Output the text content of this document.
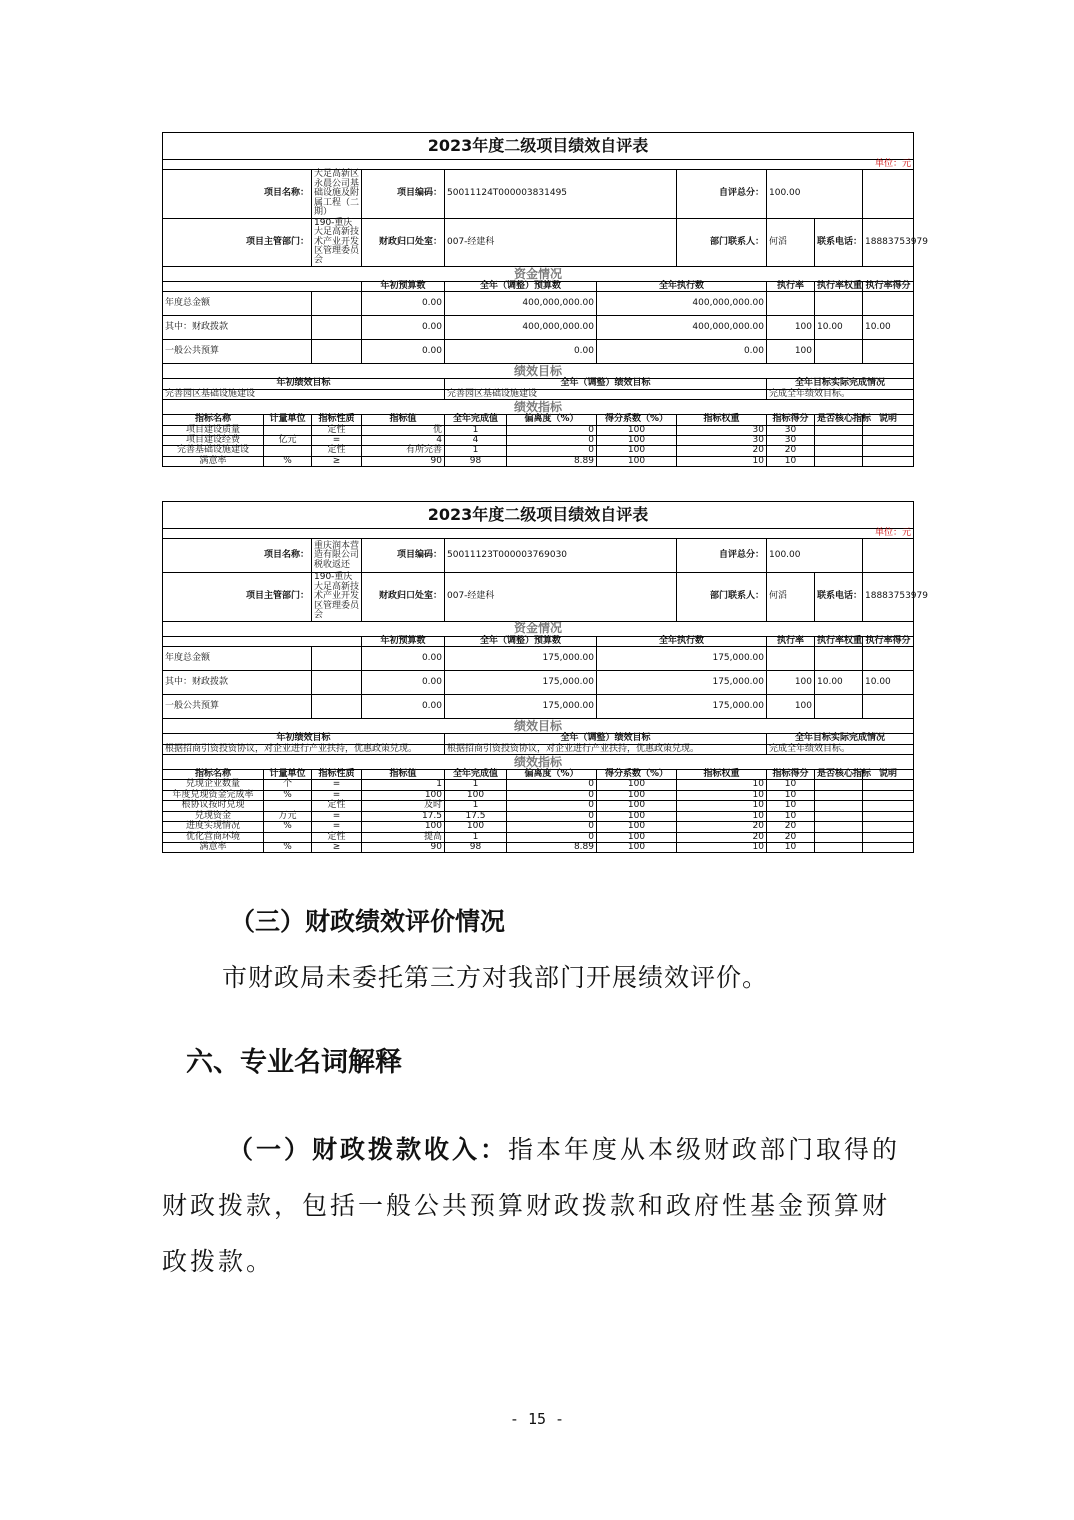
2023年度二级项目绩效自评表										
单位：元										
项目名称：		大足高新区永晨公司基础设施及附属工程（二期）	项目编码：	50011124T000003831495			自评总分：	100.00		
项目主管部门：		190-重庆大足高新技术产业开发区管理委员会	财政归口处室：	007-经建科			部门联系人：	何滔	联系电话：	18883753979
资金情况										
			年初预算数	全年（调整）预算数		全年执行数		执行率	执行率权重	执行率得分
年度总金额			0.00	400,000,000.00		400,000,000.00				
其中：财政拨款			0.00	400,000,000.00		400,000,000.00		100	10.00	10.00
一般公共预算			0.00	0.00		0.00		100		
绩效目标										
年初绩效目标				全年（调整）绩效目标				全年目标实际完成情况		
完善园区基础设施建设				完善园区基础设施建设				完成全年绩效目标。		
绩效指标										
指标名称	计量单位	指标性质	指标值	全年完成值	偏离度（%）	得分系数（%）	指标权重	指标得分	是否核心指标	说明
项目建设质量		定性	优	1	0	100	30	30		
项目建设经费	亿元	=	4	4	0	100	30	30		
完善基础设施建设		定性	有所完善	1	0	100	20	20		
满意率	%	≥	90	98	8.89	100	10	10		
2023年度二级项目绩效自评表										
单位：元										
项目名称：		重庆润本营造有限公司税收返还	项目编码：	50011123T000003769030			自评总分：	100.00		
项目主管部门：		190-重庆大足高新技术产业开发区管理委员会	财政归口处室：	007-经建科			部门联系人：	何滔	联系电话：	18883753979
资金情况										
			年初预算数	全年（调整）预算数		全年执行数		执行率	执行率权重	执行率得分
年度总金额			0.00	175,000.00		175,000.00				
其中：财政拨款			0.00	175,000.00		175,000.00		100	10.00	10.00
一般公共预算			0.00	175,000.00		175,000.00		100		
绩效目标										
年初绩效目标				全年（调整）绩效目标				全年目标实际完成情况		
根据招商引资投资协议，对企业进行产业扶持，优惠政策兑现。				根据招商引资投资协议，对企业进行产业扶持，优惠政策兑现。				完成全年绩效目标。		
绩效指标										
指标名称	计量单位	指标性质	指标值	全年完成值	偏离度（%）	得分系数（%）	指标权重	指标得分	是否核心指标	说明
兑现企业数量	个	=	1	1	0	100	10	10		
年度兑现资金完成率	%	=	100	100	0	100	10	10		
根协议按时兑现		定性	及时	1	0	100	10	10		
兑现资金	万元	=	17.5	17.5	0	100	10	10		
进度实现情况	%	=	100	100	0	100	20	20		
优化营商环境		定性	提高	1	0	100	20	20		
满意率	%	≥	90	98	8.89	100	10	10		
（三）财政绩效评价情况
市财政局未委托第三方对我部门开展绩效评价。
六、专业名词解释
（一）财政拨款收入：指本年度从本级财政部门取得的财政拨款，包括一般公共预算财政拨款和政府性基金预算财政拨款。
- 15 -
